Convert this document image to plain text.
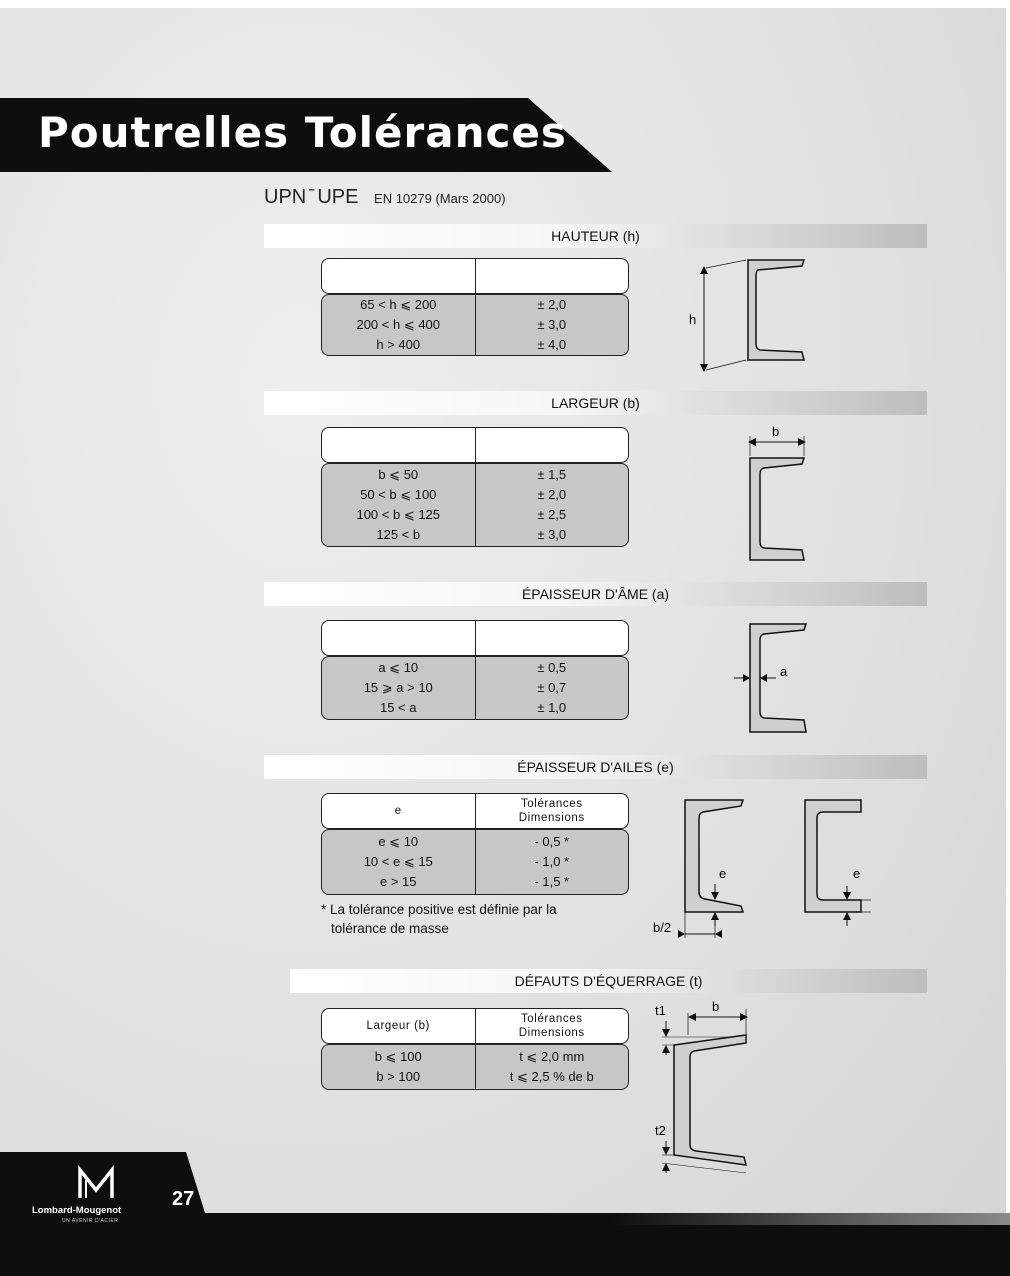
Poutrelles Tolérances
UPN ̄ UPE EN 10279 (Mars 2000)
HAUTEUR (h)
65 < h ⩽ 200
200 < h ⩽ 400
h > 400
± 2,0
± 3,0
± 4,0
h
LARGEUR (b)
b ⩽ 50
50 < b ⩽ 100
100 < b ⩽ 125
125 < b
± 1,5
± 2,0
± 2,5
± 3,0
b
ÉPAISSEUR D'ÂME (a)
a ⩽ 10
15 ⩾ a > 10
15 < a
± 0,5
± 0,7
± 1,0
a
ÉPAISSEUR D'AILES (e)
e
Tolérances
Dimensions
e ⩽ 10
10 < e ⩽ 15
e > 15
- 0,5 *
- 1,0 *
- 1,5 *
* La tolérance positive est définie par la
tolérance de masse
e
b/2
e
DÉFAUTS D'ÉQUERRAGE (t)
Largeur (b)
Tolérances
Dimensions
b ⩽ 100
b > 100
t ⩽ 2,0 mm
t ⩽ 2,5 % de b
t1	b
t2
Lombard-Mougenot
UN AVENIR D'ACIER
27
